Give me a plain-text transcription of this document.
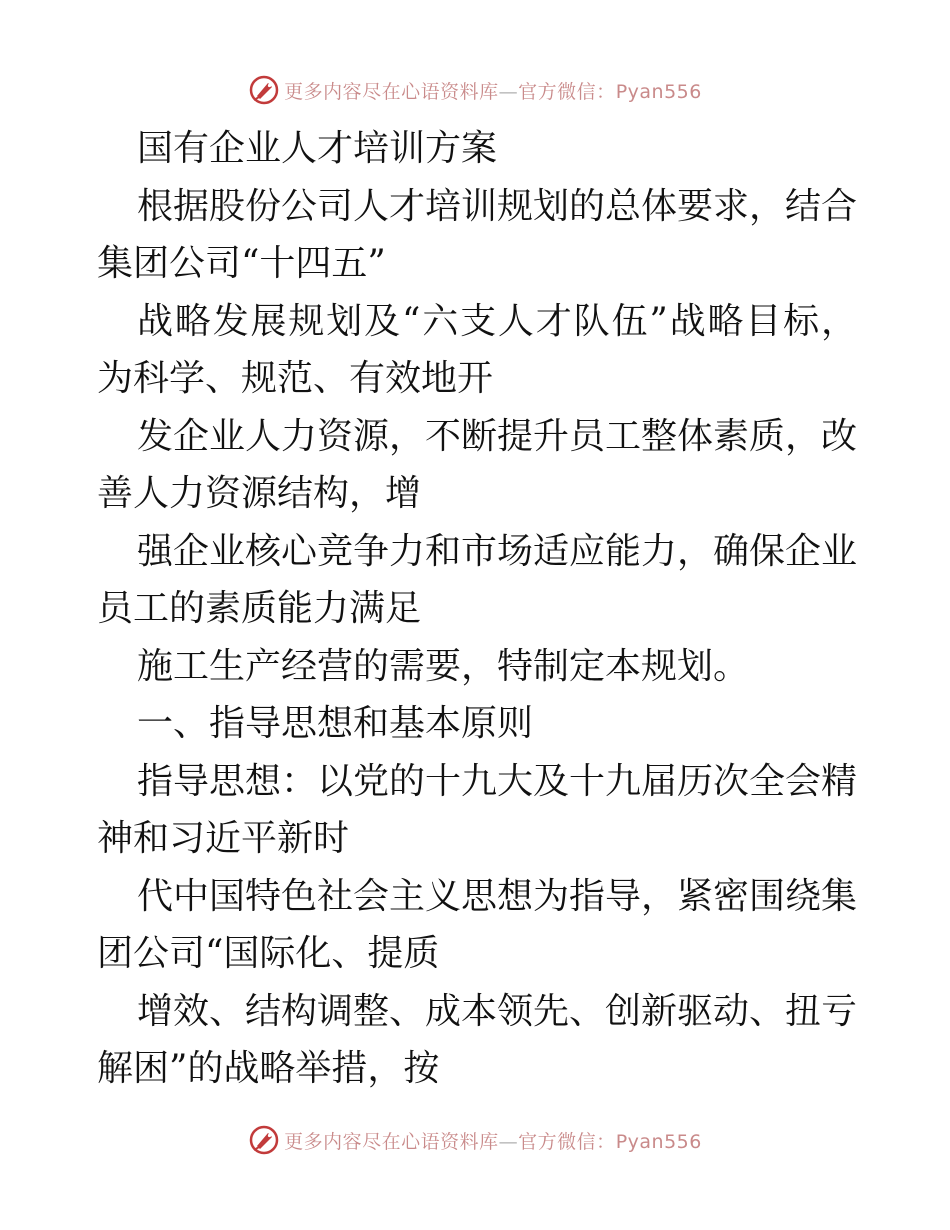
更多内容尽在心语资料库—官方微信：Pyan556

国有企业人才培训方案

根据股份公司人才培训规划的总体要求，结合集团公司“十四五”

战略发展规划及“六支人才队伍”战略目标，为科学、规范、有效地开

发企业人力资源，不断提升员工整体素质，改善人力资源结构，增

强企业核心竞争力和市场适应能力，确保企业员工的素质能力满足

施工生产经营的需要，特制定本规划。

一、指导思想和基本原则

指导思想：以党的十九大及十九届历次全会精神和习近平新时

代中国特色社会主义思想为指导，紧密围绕集团公司“国际化、提质

增效、结构调整、成本领先、创新驱动、扭亏解困”的战略举措，按

更多内容尽在心语资料库—官方微信：Pyan556
